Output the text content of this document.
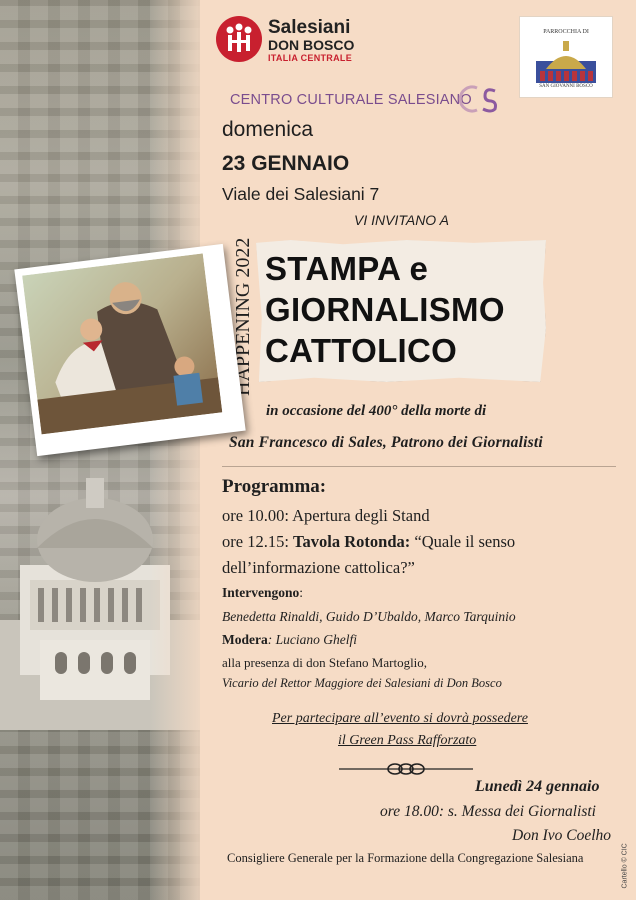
Salesiani
DON BOSCO
ITALIA CENTRALE
PARROCCHIA DI
SAN GIOVANNI BOSCO
CENTRO CULTURALE SALESIANO
domenica
23 GENNAIO
Viale dei Salesiani 7
VI INVITANO A
HAPPENING 2022 STAMPA e
GIORNALISMO
CATTOLICO
in occasione del 400° della morte di
San Francesco di Sales, Patrono dei Giornalisti
Programma:
ore 10.00: Apertura degli Stand
ore 12.15: Tavola Rotonda: “Quale il senso
dell’informazione cattolica?”
Intervengono:
Benedetta Rinaldi, Guido D’Ubaldo, Marco Tarquinio
Modera: Luciano Ghelfi
alla presenza di don Stefano Martoglio,
Vicario del Rettor Maggiore dei Salesiani di Don Bosco
Per partecipare all’evento si dovrà possedere
il Green Pass Rafforzato
Lunedì 24 gennaio
ore 18.00: s. Messa dei Giornalisti
Don Ivo Coelho
Consigliere Generale per la Formazione della Congregazione Salesiana	Cartello © CIC
